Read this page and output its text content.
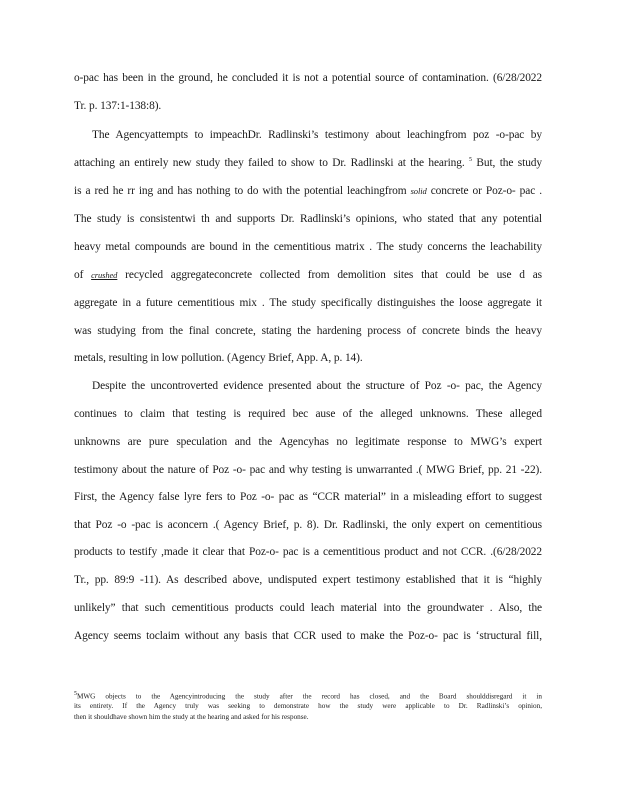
o-pac has been in the ground, he concluded it is not a potential source of contamination. (6/28/2022
Tr. p. 137:1-138:8).
The Agencyattempts to impeachDr. Radlinski’s testimony about leachingfrom poz -o-pac by
attaching an entirely new study they failed to show to Dr. Radlinski at the hearing. $^5$ But, the study
is a red he rr ing and has nothing to do with the potential leachingfrom solid concrete or Poz-o- pac .
The study is consistentwi th and supports Dr. Radlinski’s opinions, who stated that any potential
heavy metal compounds are bound in the cementitious matrix . The study concerns the leachability
of crushed recycled aggregateconcrete collected from demolition sites that could be use d as
aggregate in a future cementitious mix . The study specifically distinguishes the loose aggregate it
was studying from the final concrete, stating the hardening process of concrete binds the heavy
metals, resulting in low pollution. (Agency Brief, App. A, p. 14).
Despite the uncontroverted evidence presented about the structure of Poz -o- pac, the Agency
continues to claim that testing is required bec ause of the alleged unknowns. These alleged
unknowns are pure speculation and the Agencyhas no legitimate response to MWG’s expert
testimony about the nature of Poz -o- pac and why testing is unwarranted .( MWG Brief, pp. 21 -22).
First, the Agency false lyre fers to Poz -o- pac as “CCR material” in a misleading effort to suggest
that Poz -o -pac is aconcern .( Agency Brief, p. 8). Dr. Radlinski, the only expert on cementitious
products to testify ,made it clear that Poz-o- pac is a cementitious product and not CCR. .(6/28/2022
Tr., pp. 89:9 -11). As described above, undisputed expert testimony established that it is “highly
unlikely” that such cementitious products could leach material into the groundwater . Also, the
Agency seems toclaim without any basis that CCR used to make the Poz-o- pac is ‘structural fill,
$^5$MWG objects to the Agencyintroducing the study after the record has closed, and the Board shoulddisregard it in
its entirety. If the Agency truly was seeking to demonstrate how the study were applicable to Dr. Radlinski’s opinion,
then it shouldhave shown him the study at the hearing and asked for his response.
